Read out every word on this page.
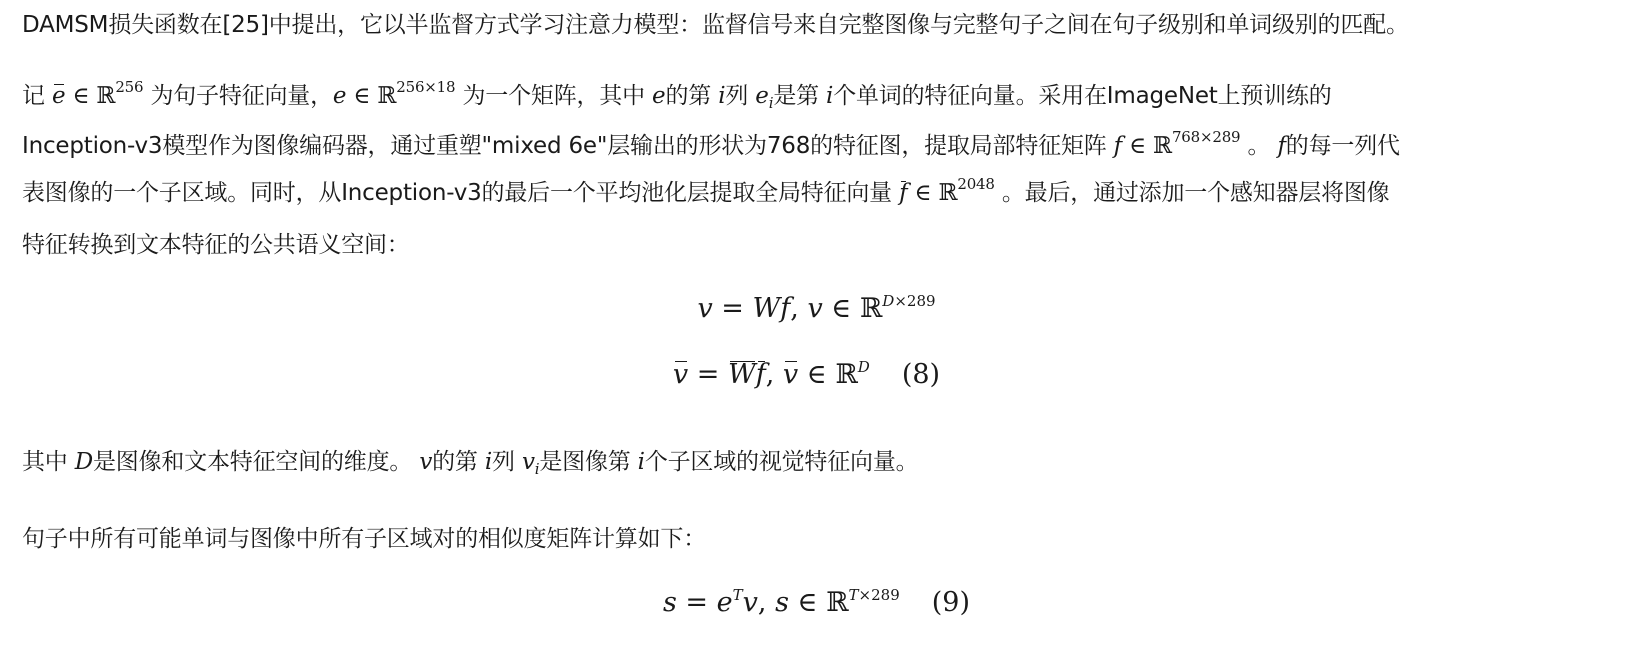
DAMSM损失函数在[25]中提出，它以半监督方式学习注意力模型：监督信号来自完整图像与完整句子之间在句子级别和单词级别的匹配。
记 e ∈ ℝ$^{256}$ 为句子特征向量，e ∈ ℝ$^{256\times 18}$ 为一个矩阵，其中 e的第 i列 $e_i$是第 i个单词的特征向量。采用在ImageNet上预训练的
Inception-v3模型作为图像编码器，通过重塑"mixed 6e"层输出的形状为768的特征图，提取局部特征矩阵 f ∈ ℝ$^{768\times 289}$ 。 f的每一列代
表图像的一个子区域。同时，从Inception-v3的最后一个平均池化层提取全局特征向量 f ∈ ℝ$^{2048}$ 。最后，通过添加一个感知器层将图像
特征转换到文本特征的公共语义空间：
v = Wf, v ∈ ℝ$^{D\times 289}$
v = Wf, v ∈ ℝ$^D$ (8)
其中 D是图像和文本特征空间的维度。 v的第 i列 $v_i$是图像第 i个子区域的视觉特征向量。
句子中所有可能单词与图像中所有子区域对的相似度矩阵计算如下：
$s = e^Tv$, s ∈ ℝ$^{T\times 289}$ (9)
